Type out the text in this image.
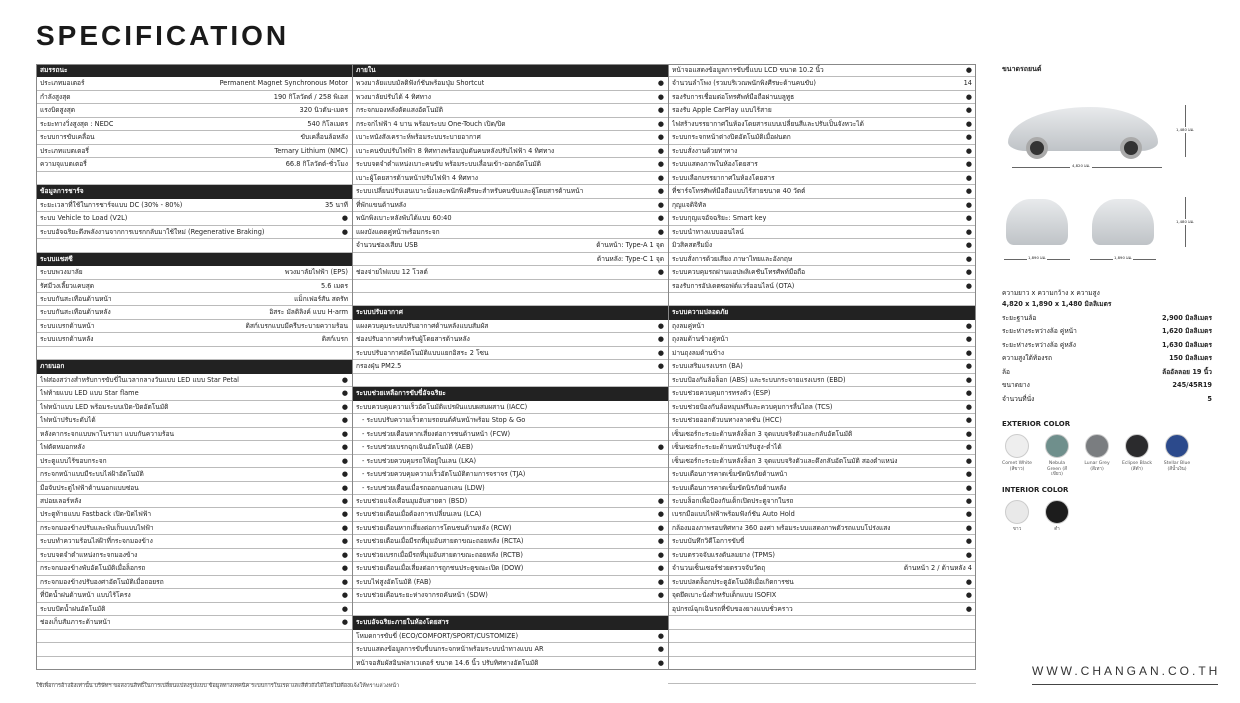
SPECIFICATION
สมรรถนะ
ประเภทมอเตอร์	Permanent Magnet Synchronous Motor
กำลังสูงสุด	190 กิโลวัตต์ / 258 พิเอส
แรงบิดสูงสุด	320 นิวตัน-เมตร
ระยะทางวิ่งสูงสุด : NEDC	540 กิโลเมตร
ระบบการขับเคลื่อน	ขับเคลื่อนล้อหลัง
ประเภทแบตเตอรี่	Ternary Lithium (NMC)
ความจุแบตเตอรี่	66.8 กิโลวัตต์-ชั่วโมง
ข้อมูลการชาร์จ
ระยะเวลาที่ใช้ในการชาร์จแบบ DC (30% - 80%)	35 นาที
ระบบ Vehicle to Load (V2L)	●
ระบบอัจฉริยะดึงพลังงานจากการเบรกกลับมาใช้ใหม่ (Regenerative Braking)	●
ระบบแชสซี
ระบบพวงมาลัย	พวงมาลัยไฟฟ้า (EPS)
รัศมีวงเลี้ยวแคบสุด	5.6 เมตร
ระบบกันสะเทือนด้านหน้า	แม็กเฟอร์สัน สตรัท
ระบบกันสะเทือนด้านหลัง	อิสระ มัลติลิงค์ แบบ H-arm
ระบบเบรกด้านหน้า	ดิสก์เบรกแบบมีครีบระบายความร้อน
ระบบเบรกด้านหลัง	ดิสก์เบรก
ภายนอก
ไฟส่องสว่างสำหรับการขับขี่ในเวลากลางวันแบบ LED แบบ Star Petal	●
ไฟท้ายแบบ LED แบบ Star flame	●
ไฟหน้าแบบ LED พร้อมระบบเปิด-ปิดอัตโนมัติ	●
ไฟหน้าปรับระดับได้	●
หลังคากระจกแบบพาโนรามา แบบกันความร้อน	●
ไฟตัดหมอกหลัง	●
ประตูแบบไร้ขอบกระจก	●
กระจกหน้าแบบมีระบบไล่ฝ้าอัตโนมัติ	●
มือจับประตูไฟฟ้าด้านนอกแบบซ่อน	●
สปอยเลอร์หลัง	●
ประตูท้ายแบบ Fastback เปิด-ปิดไฟฟ้า	●
กระจกมองข้างปรับและพับเก็บแบบไฟฟ้า	●
ระบบทำความร้อนไล่ฝ้าที่กระจกมองข้าง	●
ระบบจดจำตำแหน่งกระจกมองข้าง	●
กระจกมองข้างพับอัตโนมัติเมื่อล็อกรถ	●
กระจกมองข้างปรับองศาอัตโนมัติเมื่อถอยรถ	●
ที่ปัดน้ำฝนด้านหน้า แบบไร้โครง	●
ระบบปัดน้ำฝนอัตโนมัติ	●
ช่องเก็บสัมภาระด้านหน้า	●
ภายใน
พวงมาลัยแบบมัลติฟังก์ชันพร้อมปุ่ม Shortcut	●
พวงมาลัยปรับได้ 4 ทิศทาง	●
กระจกมองหลังตัดแสงอัตโนมัติ	●
กระจกไฟฟ้า 4 บาน พร้อมระบบ One-Touch เปิด/ปิด	●
เบาะหนังสังเคราะห์พร้อมระบบระบายอากาศ	●
เบาะคนขับปรับไฟฟ้า 8 ทิศทางพร้อมปุ่มดันคนหลังปรับไฟฟ้า 4 ทิศทาง	●
ระบบจดจำตำแหน่งเบาะคนขับ พร้อมระบบเลื่อนเข้า-ออกอัตโนมัติ	●
เบาะผู้โดยสารด้านหน้าปรับไฟฟ้า 4 ทิศทาง	●
ระบบเปลี่ยนปรับเอนเบาะนั่งและพนักพิงศีรษะสำหรับคนขับและผู้โดยสารด้านหน้า	●
ที่พักแขนด้านหลัง	●
พนักพิงเบาะหลังพับได้แบบ 60:40	●
แผงบังแดดคู่หน้าพร้อมกระจก	●
จำนวนช่องเสียบ USB	ด้านหน้า: Type-A 1 จุด
ด้านหลัง: Type-C 1 จุด
ช่องจ่ายไฟแบบ 12 โวลต์	●
ระบบปรับอากาศ
แผงควบคุมระบบปรับอากาศด้านหลังแบบสัมผัส	●
ช่องปรับอากาศสำหรับผู้โดยสารด้านหลัง	●
ระบบปรับอากาศอัตโนมัติแบบแยกอิสระ 2 โซน	●
กรองฝุ่น PM2.5	●
ระบบช่วยเหลือการขับขี่อัจฉริยะ
ระบบควบคุมความเร็วอัตโนมัติแปรผันแบบผสมผสาน (IACC)
- ระบบปรับความเร็วตามรถยนต์คันหน้าพร้อม Stop & Go
- ระบบช่วยเตือนหากเสี่ยงต่อการชนด้านหน้า (FCW)
- ระบบช่วยเบรกฉุกเฉินอัตโนมัติ (AEB)	●
- ระบบช่วยควบคุมรถให้อยู่ในเลน (LKA)
- ระบบช่วยควบคุมความเร็วอัตโนมัติตามการจราจร (TJA)
- ระบบช่วยเตือนเมื่อรถออกนอกเลน (LDW)
ระบบช่วยแจ้งเตือนมุมอับสายตา (BSD)	●
ระบบช่วยเตือนเมื่อต้องการเปลี่ยนเลน (LCA)	●
ระบบช่วยเตือนหากเสี่ยงต่อการโดนชนด้านหลัง (RCW)	●
ระบบช่วยเตือนเมื่อมีรถที่มุมอับสายตาขณะถอยหลัง (RCTA)	●
ระบบช่วยเบรกเมื่อมีรถที่มุมอับสายตาขณะถอยหลัง (RCTB)	●
ระบบช่วยเตือนเมื่อเสี่ยงต่อการถูกชนประตูขณะเปิด (DOW)	●
ระบบไฟสูงอัตโนมัติ (FAB)	●
ระบบช่วยเตือนระยะห่างจากรถคันหน้า (SDW)	●
ระบบอัจฉริยะภายในห้องโดยสาร
โหมดการขับขี่ (ECO/COMFORT/SPORT/CUSTOMIZE)	●
ระบบแสดงข้อมูลการขับขี่บนกระจกหน้าพร้อมระบบนำทางแบบ AR	●
หน้าจอสัมผัสอินฟลาเวเตอร์ ขนาด 14.6 นิ้ว ปรับทิศทางอัตโนมัติ	●
หน้าจอแสดงข้อมูลการขับขี่แบบ LCD ขนาด 10.2 นิ้ว	●
จำนวนลำโพง (รวมบริเวณพนักพิงศีรษะด้านคนขับ)	14
รองรับการเชื่อมต่อโทรศัพท์มือถือผ่านบลูทูธ	●
รองรับ Apple CarPlay แบบไร้สาย	●
ไฟสร้างบรรยากาศในห้องโดยสารแบบเปลี่ยนสีและปรับเป็นจังหวะได้	●
ระบบกระจกหน้าต่างปิดอัตโนมัติเมื่อฝนตก	●
ระบบสั่งงานด้วยท่าทาง	●
ระบบแสดงภาพในห้องโดยสาร	●
ระบบเลือกบรรยากาศในห้องโดยสาร	●
ที่ชาร์จโทรศัพท์มือถือแบบไร้สายขนาด 40 วัตต์	●
กุญแจดิจิทัล	●
ระบบกุญแจอัจฉริยะ: Smart key	●
ระบบนำทางแบบออนไลน์	●
มิวสิคสตรีมมิ่ง	●
ระบบสั่งการด้วยเสียง ภาษาไทยและอังกฤษ	●
ระบบควบคุมรถผ่านแอปพลิเคชันโทรศัพท์มือถือ	●
รองรับการอัปเดตซอฟต์แวร์ออนไลน์ (OTA)	●
ระบบความปลอดภัย
ถุงลมคู่หน้า	●
ถุงลมด้านข้างคู่หน้า	●
ม่านถุงลมด้านข้าง	●
ระบบเสริมแรงเบรก (BA)	●
ระบบป้องกันล้อล็อก (ABS) และระบบกระจายแรงเบรก (EBD)	●
ระบบช่วยควบคุมการทรงตัว (ESP)	●
ระบบช่วยป้องกันล้อหมุนฟรีและควบคุมการลื่นไถล (TCS)	●
ระบบช่วยออกตัวบนทางลาดชัน (HCC)	●
เซ็นเซอร์กะระยะด้านหลังล็อก 3 จุดแบบจริงตัวและกลับอัตโนมัติ	●
เซ็นเซอร์กะระยะด้านหน้าปรับสูง-ต่ำได้	●
เซ็นเซอร์กะระยะด้านหลังล็อก 3 จุดแบบจริงตัวและดึงกลับอัตโนมัติ สองตำแหน่ง	●
ระบบเตือนการคาดเข็มขัดนิรภัยด้านหน้า	●
ระบบเตือนการคาดเข็มขัดนิรภัยด้านหลัง	●
ระบบล็อกเพื่อป้องกันเด็กเปิดประตูจากในรถ	●
เบรกมือแบบไฟฟ้าพร้อมฟังก์ชัน Auto Hold	●
กล้องมองภาพรอบทิศทาง 360 องศา พร้อมระบบแสดงภาพตัวรถแบบโปร่งแสง	●
ระบบบันทึกวิดีโอการขับขี่	●
ระบบตรวจจับแรงดันลมยาง (TPMS)	●
จำนวนเซ็นเซอร์ช่วยตรวจจับวัตถุ	ด้านหน้า 2 / ด้านหลัง 4
ระบบปลดล็อกประตูอัตโนมัติเมื่อเกิดการชน	●
จุดยึดเบาะนั่งสำหรับเด็กแบบ ISOFIX	●
อุปกรณ์ฉุกเฉินรถที่ขับของยางแบบชั่วคราว	●
ขนาดรถยนต์
4,820 มม.
1,480 มม.
1,890 มม.	1,890 มม.
1,480 มม.
ความยาว x ความกว้าง x ความสูง
4,820 x 1,890 x 1,480 มิลลิเมตร
ระยะฐานล้อ	2,900 มิลลิเมตร
ระยะห่างระหว่างล้อ คู่หน้า	1,620 มิลลิเมตร
ระยะห่างระหว่างล้อ คู่หลัง	1,630 มิลลิเมตร
ความสูงใต้ท้องรถ	150 มิลลิเมตร
ล้อ	ล้ออัลลอย 19 นิ้ว
ขนาดยาง	245/45R19
จำนวนที่นั่ง	5
EXTERIOR COLOR
Comet White (สีขาว)
Nebula Green (สีเขียว)
Lunar Grey (สีเทา)
Eclipse Black (สีดำ)
Stellar Blue (สีน้ำเงิน)
INTERIOR COLOR
ขาว	ดำ
ใช้เพื่อการอ้างอิงเท่านั้น บริษัทฯ ขอสงวนสิทธิ์ในการเปลี่ยนแปลงรูปแบบ ข้อมูลทางเทคนิค ระบบการโนเรด และสีตัวถังได้โดยไม่ต้องแจ้งให้ทราบล่วงหน้า
WWW.CHANGAN.CO.TH
